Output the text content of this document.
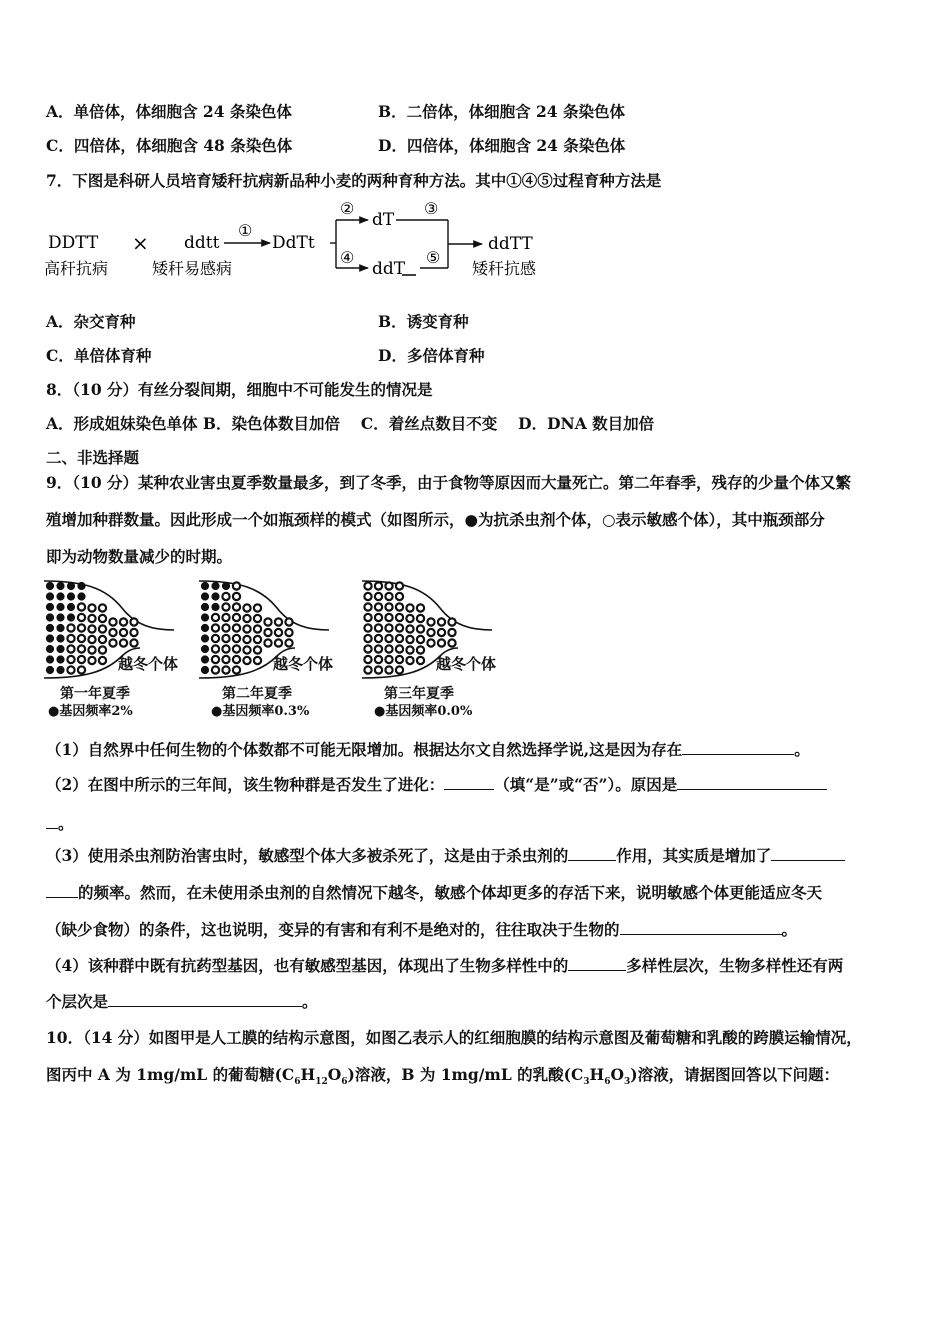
A．单倍体，体细胞含 24 条染色体	B．二倍体，体细胞含 24 条染色体
C．四倍体，体细胞含 48 条染色体	D．四倍体，体细胞含 24 条染色体
7．下图是科研人员培育矮秆抗病新品种小麦的两种育种方法。其中①④⑤过程育种方法是
DDTT
高秆抗病
× ddtt
矮秆易感病
①
DdTt
②
dT
③
④
ddT
⑤
ddTT
矮秆抗感
A．杂交育种	B．诱变育种
C．单倍体育种	D．多倍体育种
8．（10 分）有丝分裂间期，细胞中不可能发生的情况是
A．形成姐妹染色单体 B．染色体数目加倍　 C．着丝点数目不变　 D．DNA 数目加倍
二、非选择题
9．（10 分）某种农业害虫夏季数量最多，到了冬季，由于食物等原因而大量死亡。第二年春季，残存的少量个体又繁
殖增加种群数量。因此形成一个如瓶颈样的模式（如图所示，●为抗杀虫剂个体，○表示敏感个体），其中瓶颈部分
即为动物数量减少的时期。
越冬个体	越冬个体	越冬个体
第一年夏季	第二年夏季	第三年夏季
●基因频率2%	●基因频率0.3%	●基因频率0.0%
（1）自然界中任何生物的个体数都不可能无限增加。根据达尔文自然选择学说,这是因为存在	。
（2）在图中所示的三年间，该生物种群是否发生了进化：	（填“是”或“否”）。原因是
。
（3）使用杀虫剂防治害虫时，敏感型个体大多被杀死了，这是由于杀虫剂的	作用，其实质是增加了
的频率。然而，在未使用杀虫剂的自然情况下越冬，敏感个体却更多的存活下来，说明敏感个体更能适应冬天
（缺少食物）的条件，这也说明，变异的有害和有利不是绝对的，往往取决于生物的	。
（4）该种群中既有抗药型基因，也有敏感型基因，体现出了生物多样性中的	多样性层次，生物多样性还有两
个层次是	。
10．（14 分）如图甲是人工膜的结构示意图，如图乙表示人的红细胞膜的结构示意图及葡萄糖和乳酸的跨膜运输情况，
图丙中 A 为 1mg/mL 的葡萄糖$(C_6H_{12}O_6)$溶液，B 为 1mg/mL 的乳酸$(C_3H_6O_3)$溶液，请据图回答以下问题：
